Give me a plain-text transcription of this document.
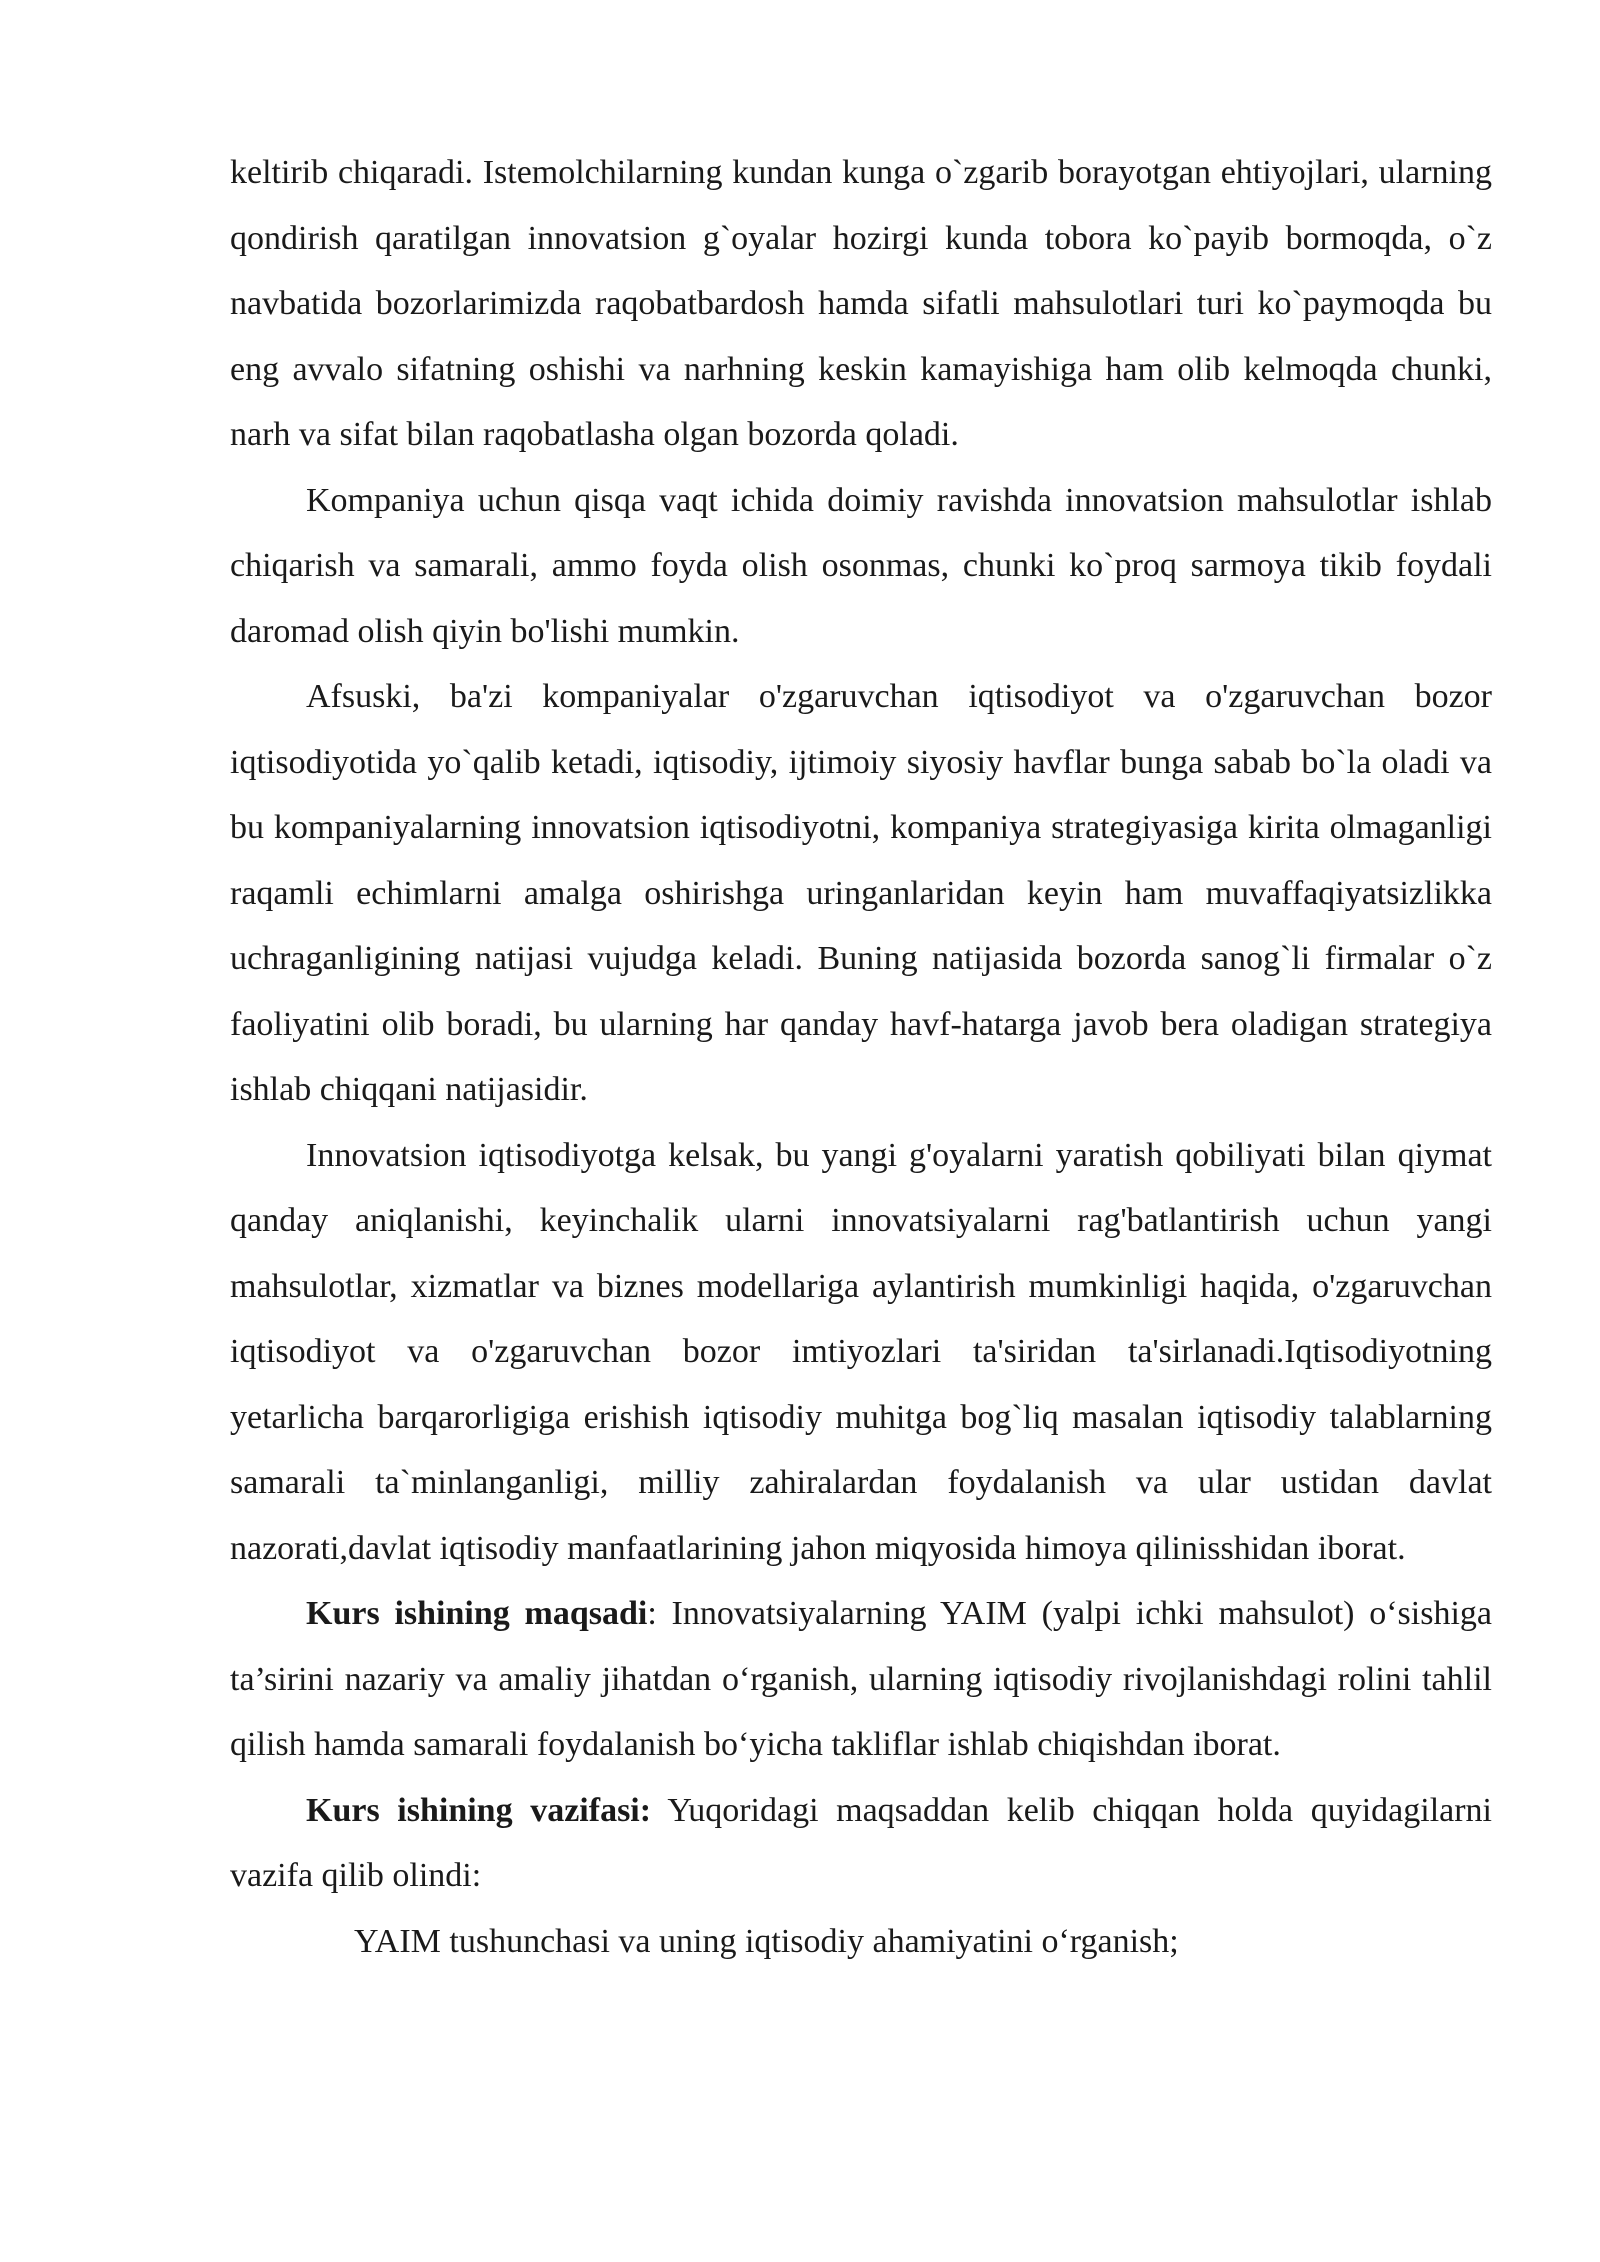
keltirib chiqaradi. Istemolchilarning kundan kunga o`zgarib borayotgan ehtiyojlari, ularning qondirish qaratilgan innovatsion g`oyalar hozirgi kunda tobora ko`payib bormoqda, o`z navbatida bozorlarimizda raqobatbardosh hamda sifatli mahsulotlari turi ko`paymoqda bu eng avvalo sifatning oshishi va narhning keskin kamayishiga ham olib kelmoqda chunki, narh va sifat bilan raqobatlasha olgan bozorda qoladi.

Kompaniya uchun qisqa vaqt ichida doimiy ravishda innovatsion mahsulotlar ishlab chiqarish va samarali, ammo foyda olish osonmas, chunki ko`proq sarmoya tikib foydali daromad olish qiyin bo'lishi mumkin.

Afsuski, ba'zi kompaniyalar o'zgaruvchan iqtisodiyot va o'zgaruvchan bozor iqtisodiyotida yo`qalib ketadi, iqtisodiy, ijtimoiy siyosiy havflar bunga sabab bo`la oladi va bu kompaniyalarning innovatsion iqtisodiyotni, kompaniya strategiyasiga kirita olmaganligi raqamli echimlarni amalga oshirishga uringanlaridan keyin ham muvaffaqiyatsizlikka uchraganligining natijasi vujudga keladi. Buning natijasida bozorda sanog`li firmalar o`z faoliyatini olib boradi, bu ularning har qanday havf-hatarga javob bera oladigan strategiya ishlab chiqqani natijasidir.

Innovatsion iqtisodiyotga kelsak, bu yangi g'oyalarni yaratish qobiliyati bilan qiymat qanday aniqlanishi, keyinchalik ularni innovatsiyalarni rag'batlantirish uchun yangi mahsulotlar, xizmatlar va biznes modellariga aylantirish mumkinligi haqida, o'zgaruvchan iqtisodiyot va o'zgaruvchan bozor imtiyozlari ta'siridan ta'sirlanadi.Iqtisodiyotning yetarlicha barqarorligiga erishish iqtisodiy muhitga bog`liq masalan iqtisodiy talablarning samarali ta`minlanganligi, milliy zahiralardan foydalanish va ular ustidan davlat nazorati,davlat iqtisodiy manfaatlarining jahon miqyosida himoya qilinisshidan iborat.

Kurs ishining maqsadi: Innovatsiyalarning YAIM (yalpi ichki mahsulot) o‘sishiga ta’sirini nazariy va amaliy jihatdan o‘rganish, ularning iqtisodiy rivojlanishdagi rolini tahlil qilish hamda samarali foydalanish bo‘yicha takliflar ishlab chiqishdan iborat.

Kurs ishining vazifasi: Yuqoridagi maqsaddan kelib chiqqan holda quyidagilarni vazifa qilib olindi:

YAIM tushunchasi va uning iqtisodiy ahamiyatini o‘rganish;
